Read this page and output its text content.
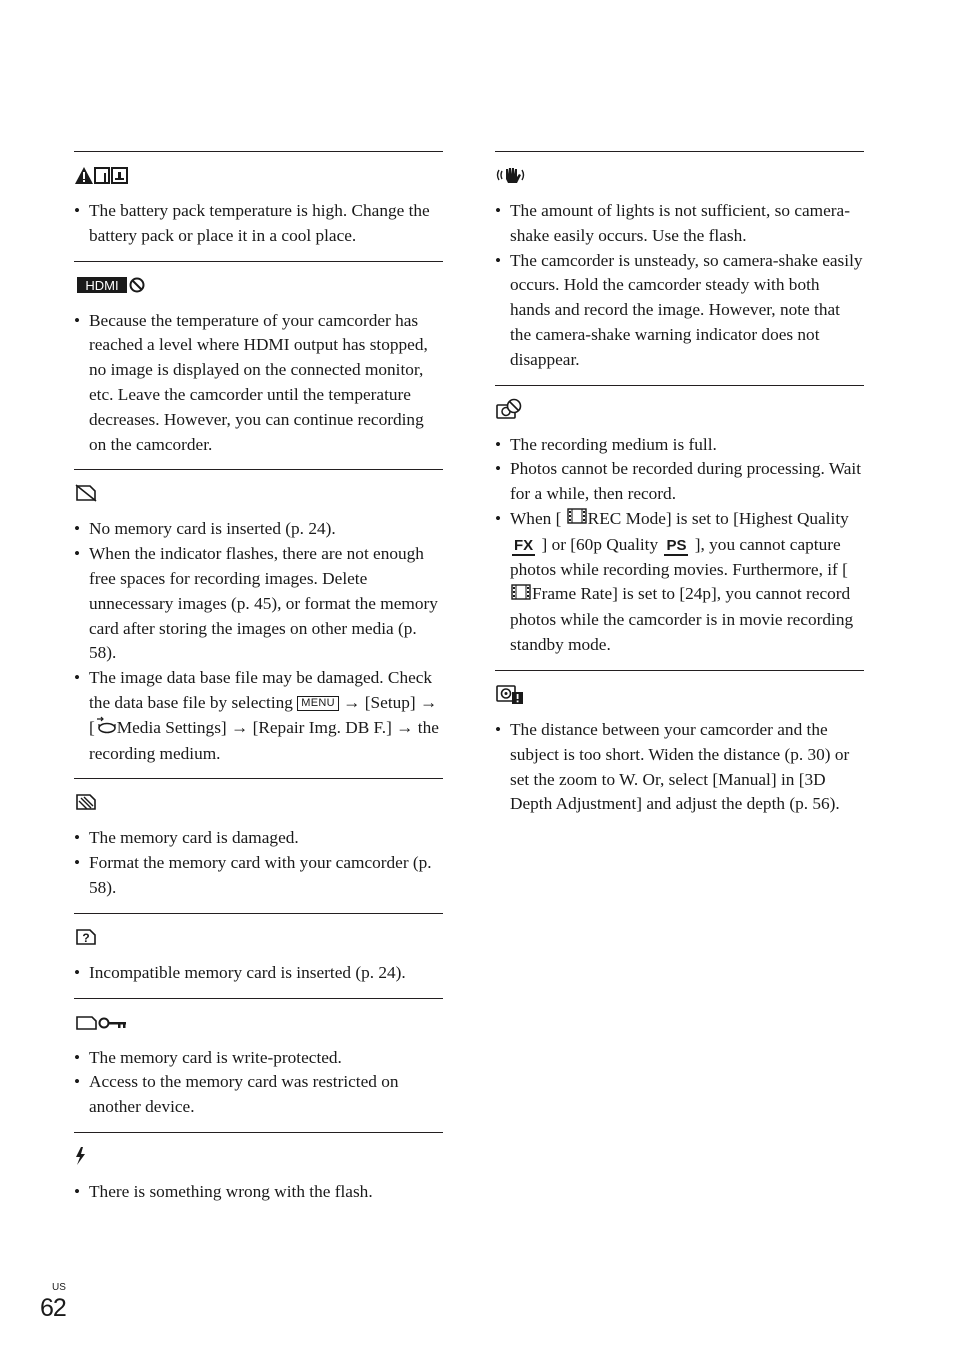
• The battery pack temperature is high. Change the battery pack or place it in a cool place.
HDMI
• Because the temperature of your camcorder has reached a level where HDMI output has stopped, no image is displayed on the connected monitor, etc. Leave the camcorder until the temperature decreases. However, you can continue recording on the camcorder.
• No memory card is inserted (p. 24).
• When the indicator flashes, there are not enough free spaces for recording images. Delete unnecessary images (p. 45), or format the memory card after storing the images on other media (p. 58).
• The image data base file may be damaged. Check the data base file by selecting MENU → [Setup] → [ Media Settings] → [Repair Img. DB F.] → the recording medium.
• The memory card is damaged.
• Format the memory card with your camcorder (p. 58).
?
• Incompatible memory card is inserted (p. 24).
• The memory card is write-protected.
• Access to the memory card was restricted on another device.
• There is something wrong with the flash.
• The amount of lights is not sufficient, so camera-shake easily occurs. Use the flash.
• The camcorder is unsteady, so camera-shake easily occurs. Hold the camcorder steady with both hands and record the image. However, note that the camera-shake warning indicator does not disappear.
• The recording medium is full.
• Photos cannot be recorded during processing. Wait for a while, then record.
• When [ REC Mode] is set to [Highest Quality FX ] or [60p Quality PS ], you cannot capture photos while recording movies. Furthermore, if [ Frame Rate] is set to [24p], you cannot record photos while the camcorder is in movie recording standby mode.
• The distance between your camcorder and the subject is too short. Widen the distance (p. 30) or set the zoom to W. Or, select [Manual] in [3D Depth Adjustment] and adjust the depth (p. 56).
US
62
